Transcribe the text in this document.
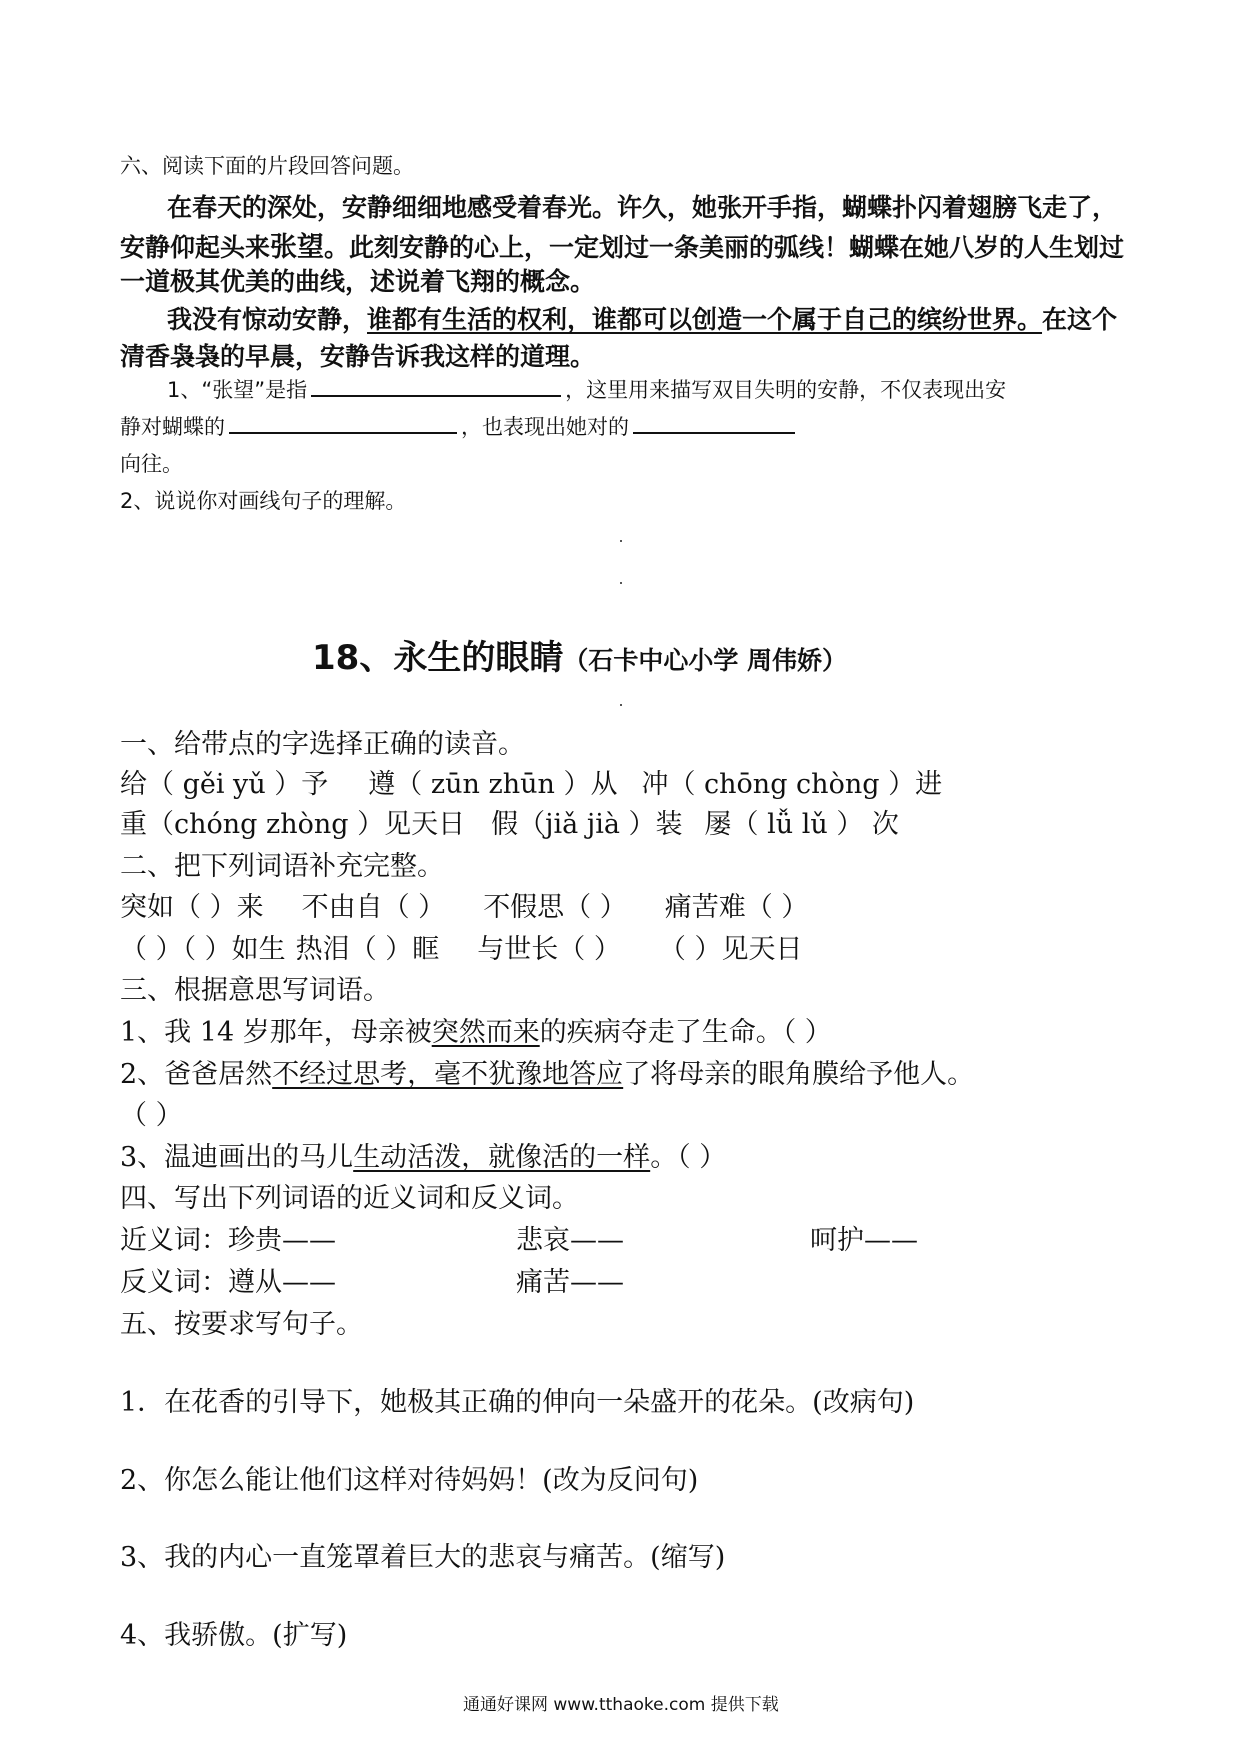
六、阅读下面的片段回答问题。
在春天的深处，安静细细地感受着春光。许久，她张开手指，蝴蝶扑闪着翅膀飞走了，
安静仰起头来张望。此刻安静的心上，一定划过一条美丽的弧线！蝴蝶在她八岁的人生划过
一道极其优美的曲线，述说着飞翔的概念。
我没有惊动安静，谁都有生活的权利，谁都可以创造一个属于自己的缤纷世界。在这个
清香袅袅的早晨，安静告诉我这样的道理。
1、“张望”是指	，这里用来描写双目失明的安静，不仅表现出安
静对蝴蝶的	，也表现出她对的
向往。
2、说说你对画线句子的理解。
18、永生的眼睛（石卡中心小学 周伟娇）
一、给带点的字选择正确的读音。
给（ gěi yǔ ）予 遵（ zūn zhūn ）从 冲（ chōng chòng ）进
重（chóng zhòng ）见天日 假（jiǎ jià ）装 屡（ lǚ lǔ ） 次
二、把下列词语补充完整。
突如（ ）来 不由自（ ） 不假思（ ） 痛苦难（ ）
（ ）（ ）如生 热泪（ ）眶 与世长（ ） （ ）见天日
三、根据意思写词语。
1、我 14 岁那年，母亲被突然而来的疾病夺走了生命。（ ）
2、爸爸居然不经过思考，毫不犹豫地答应了将母亲的眼角膜给予他人。
（ ）
3、温迪画出的马儿生动活泼，就像活的一样。（ ）
四、写出下列词语的近义词和反义词。
近义词：珍贵——	悲哀——	呵护——
反义词：遵从——	痛苦——
五、按要求写句子。
1．在花香的引导下，她极其正确的伸向一朵盛开的花朵。(改病句)
2、你怎么能让他们这样对待妈妈！(改为反问句)
3、我的内心一直笼罩着巨大的悲哀与痛苦。(缩写)
4、我骄傲。(扩写)
通通好课网 www.tthaoke.com 提供下载
